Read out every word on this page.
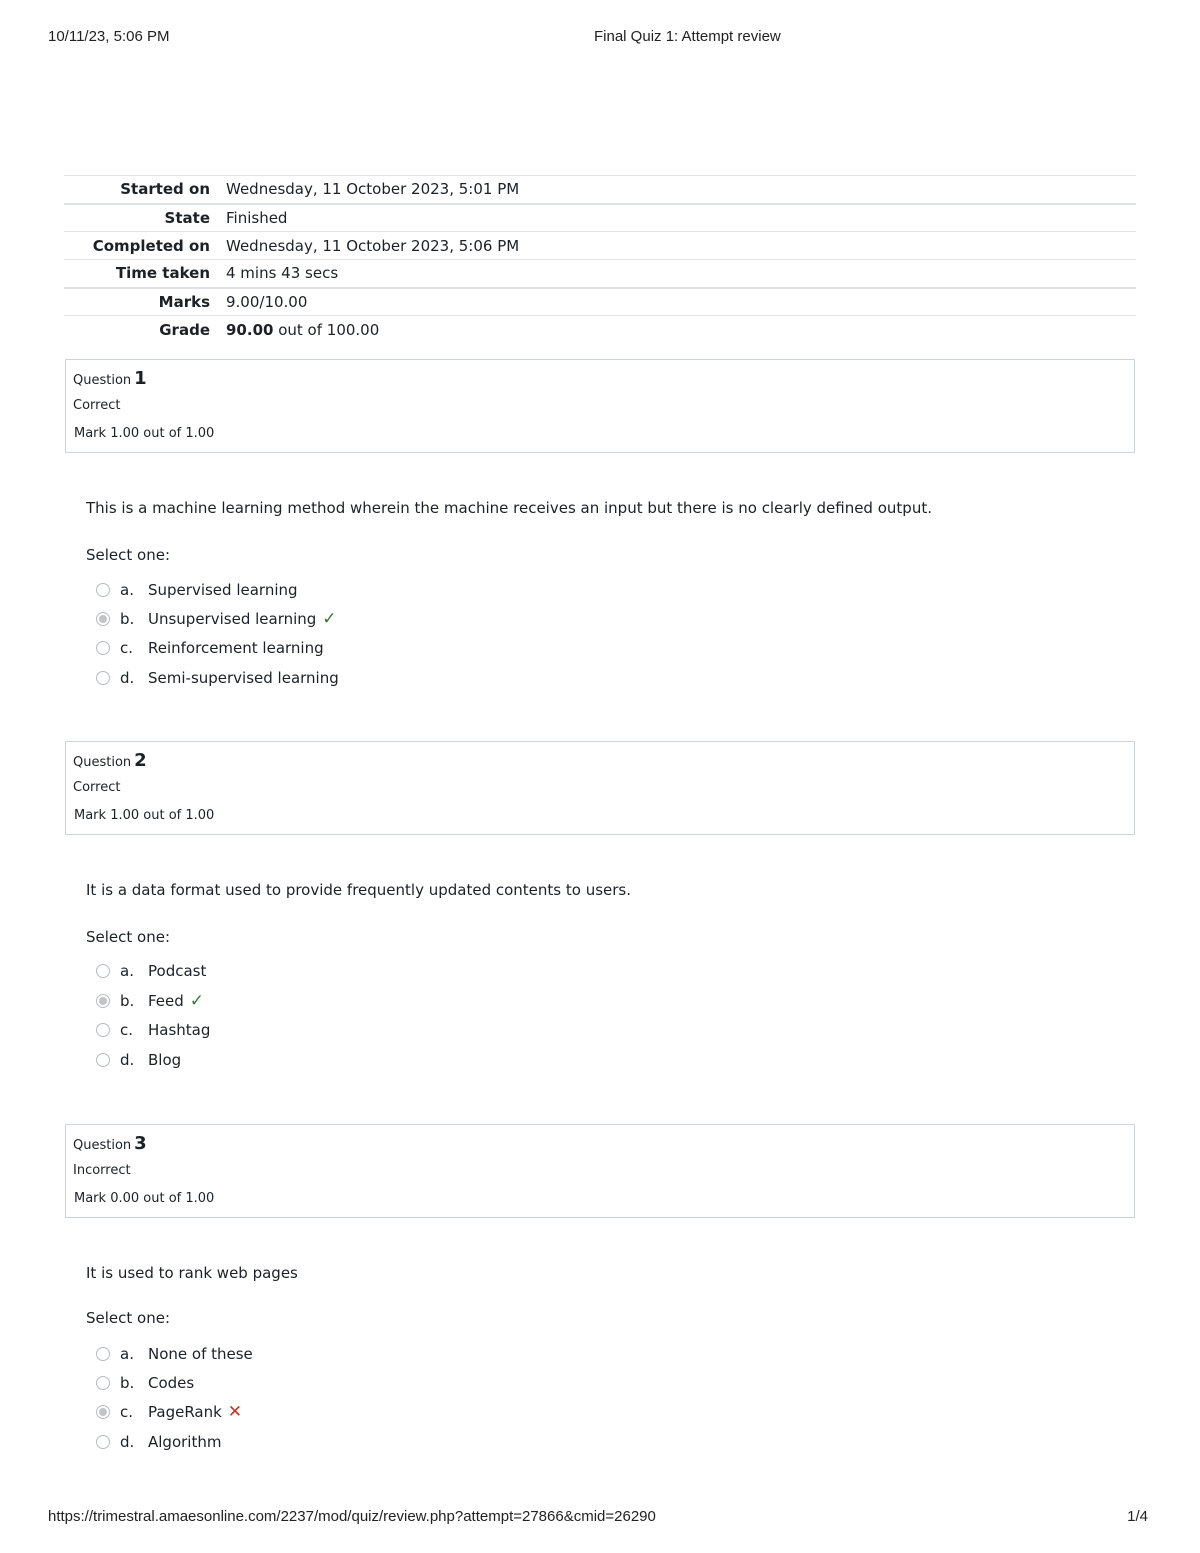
10/11/23, 5:06 PM	Final Quiz 1: Attempt review
Started on	Wednesday, 11 October 2023, 5:01 PM
State	Finished
Completed on	Wednesday, 11 October 2023, 5:06 PM
Time taken	4 mins 43 secs
Marks	9.00/10.00
Grade	90.00 out of 100.00
Question 1
Correct
Mark 1.00 out of 1.00
This is a machine learning method wherein the machine receives an input but there is no clearly defined output.
Select one:
a. Supervised learning
b. Unsupervised learning ✓
c. Reinforcement learning
d. Semi-supervised learning
Question 2
Correct
Mark 1.00 out of 1.00
It is a data format used to provide frequently updated contents to users.
Select one:
a. Podcast
b. Feed ✓
c. Hashtag
d. Blog
Question 3
Incorrect
Mark 0.00 out of 1.00
It is used to rank web pages
Select one:
a. None of these
b. Codes
c. PageRank ✕
d. Algorithm
https://trimestral.amaesonline.com/2237/mod/quiz/review.php?attempt=27866&cmid=26290	1/4
